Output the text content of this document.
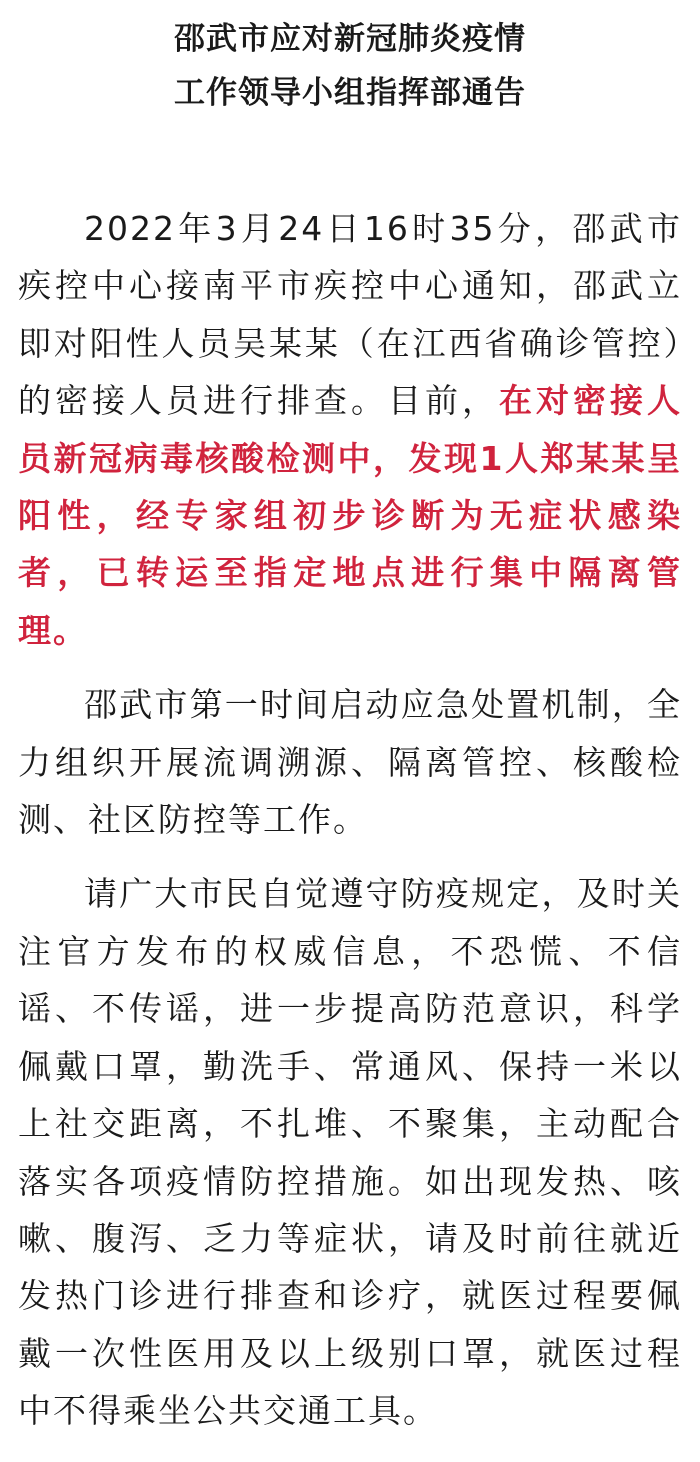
邵武市应对新冠肺炎疫情
工作领导小组指挥部通告

2022年3月24日16时35分，邵武市疾控中心接南平市疾控中心通知，邵武立即对阳性人员吴某某（在江西省确诊管控）的密接人员进行排查。目前，在对密接人员新冠病毒核酸检测中，发现1人郑某某呈阳性，经专家组初步诊断为无症状感染者，已转运至指定地点进行集中隔离管理。

邵武市第一时间启动应急处置机制，全力组织开展流调溯源、隔离管控、核酸检测、社区防控等工作。

请广大市民自觉遵守防疫规定，及时关注官方发布的权威信息，不恐慌、不信谣、不传谣，进一步提高防范意识，科学佩戴口罩，勤洗手、常通风、保持一米以上社交距离，不扎堆、不聚集，主动配合落实各项疫情防控措施。如出现发热、咳嗽、腹泻、乏力等症状，请及时前往就近发热门诊进行排查和诊疗，就医过程要佩戴一次性医用及以上级别口罩，就医过程中不得乘坐公共交通工具。
